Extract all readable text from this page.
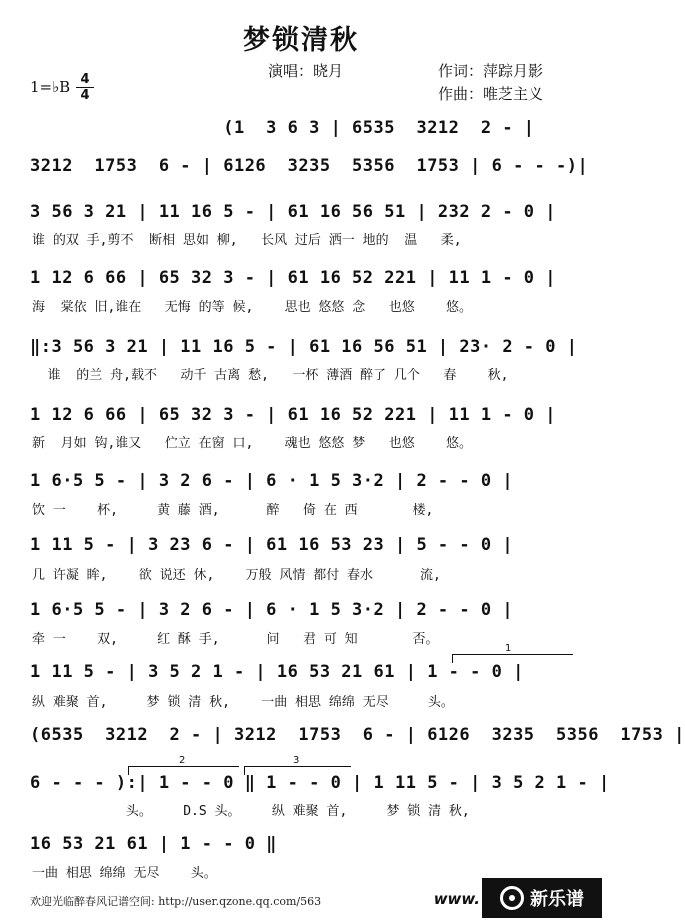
梦锁清秋
演唱：晓月	作词：萍踪月影
作曲：唯芝主义
1=♭B 4
4
(1  3 6 3 | 6535  3212  2 - |
3212  1753  6 - | 6126  3235  5356  1753 | 6 - - -)|
3 56 3 21 | 11 16 5 - | 61 16 56 51 | 232 2 - 0 |
谁 的双 手,剪不  断相 思如 柳,   长风 过后 洒一 地的  温   柔,
1 12 6 66 | 65 32 3 - | 61 16 52 221 | 11 1 - 0 |
海  棠依 旧,谁在   无悔 的等 候,    思也 悠悠 念   也悠    悠。
‖:3 56 3 21 | 11 16 5 - | 61 16 56 51 | 23· 2 - 0 |
谁  的兰 舟,载不   动千 古离 愁,   一杯 薄酒 醉了 几个   春    秋,
1 12 6 66 | 65 32 3 - | 61 16 52 221 | 11 1 - 0 |
新  月如 钩,谁又   伫立 在窗 口,    魂也 悠悠 梦   也悠    悠。
1 6·5 5 - | 3 2 6 - | 6 · 1 5 3·2 | 2 - - 0 |
饮 一    杯,     黄 藤 酒,      醉   倚 在 西       楼,
1 11 5 - | 3 23 6 - | 61 16 53 23 | 5 - - 0 |
几 许凝 眸,    欲 说还 休,    万般 风情 都付 春水      流,
1 6·5 5 - | 3 2 6 - | 6 · 1 5 3·2 | 2 - - 0 |
牵 一    双,     红 酥 手,      问   君 可 知       否。
1 11 5 - | 3 5 2 1 - | 16 53 21 61 | 1 - - 0 |
纵 难聚 首,     梦 锁 清 秋,    一曲 相思 绵绵 无尽     头。
(6535  3212  2 - | 3212  1753  6 - | 6126  3235  5356  1753 |
6 - - - ):| 1 - - 0 ‖ 1 - - 0 | 1 11 5 - | 3 5 2 1 - |
头。    D.S 头。    纵 难聚 首,     梦 锁 清 秋,
16 53 21 61 | 1 - - 0 ‖
一曲 相思 绵绵 无尽    头。
1
2	3
欢迎光临醉春风记谱空间: http://user.qzone.qq.com/563	www.	新乐谱
